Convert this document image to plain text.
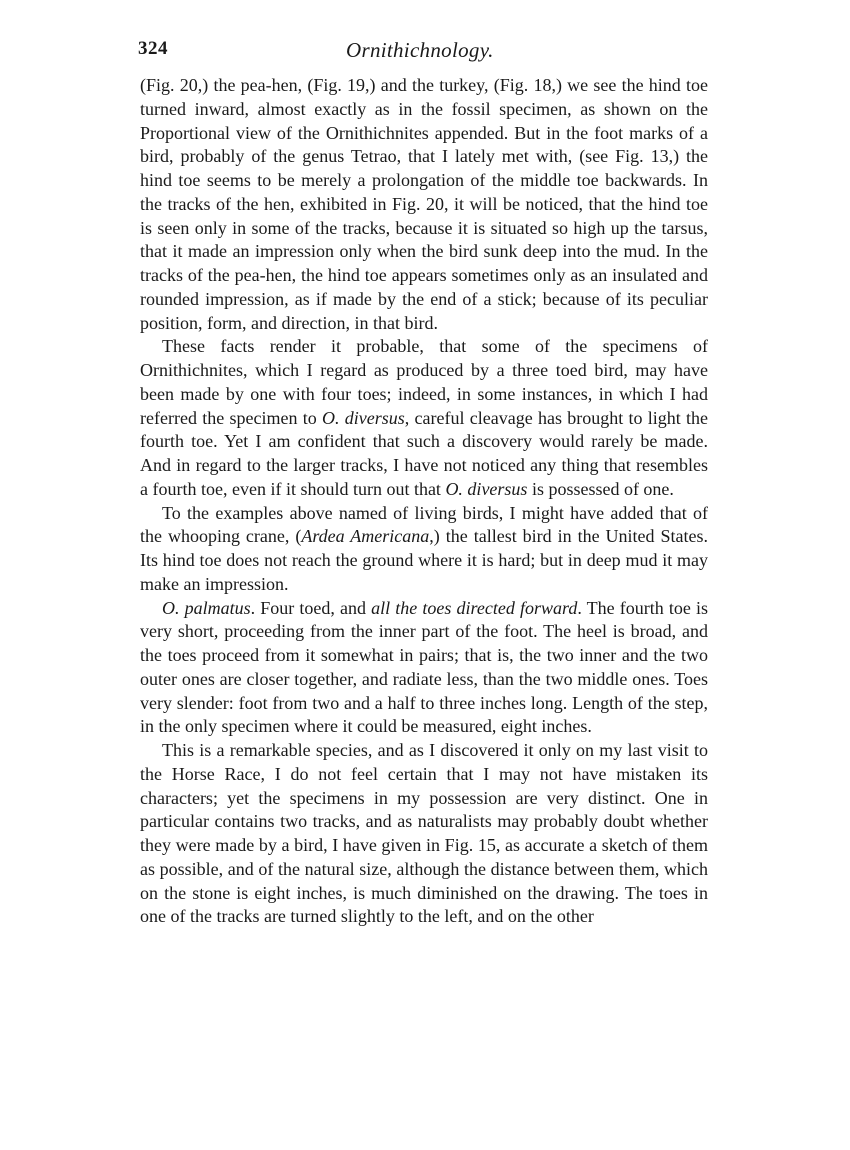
324	Ornithichnology.

(Fig. 20,) the pea-hen, (Fig. 19,) and the turkey, (Fig. 18,) we see the hind toe turned inward, almost exactly as in the fossil specimen, as shown on the Proportional view of the Ornithichnites appended. But in the foot marks of a bird, probably of the genus Tetrao, that I lately met with, (see Fig. 13,) the hind toe seems to be merely a prolongation of the middle toe backwards. In the tracks of the hen, exhibited in Fig. 20, it will be noticed, that the hind toe is seen only in some of the tracks, because it is situated so high up the tarsus, that it made an impression only when the bird sunk deep into the mud. In the tracks of the pea-hen, the hind toe appears sometimes only as an insulated and rounded impression, as if made by the end of a stick; because of its peculiar position, form, and direction, in that bird.

These facts render it probable, that some of the specimens of Ornithichnites, which I regard as produced by a three toed bird, may have been made by one with four toes; indeed, in some instances, in which I had referred the specimen to O. diversus, careful cleavage has brought to light the fourth toe. Yet I am confident that such a discovery would rarely be made. And in regard to the larger tracks, I have not noticed any thing that resembles a fourth toe, even if it should turn out that O. diversus is possessed of one.

To the examples above named of living birds, I might have added that of the whooping crane, (Ardea Americana,) the tallest bird in the United States. Its hind toe does not reach the ground where it is hard; but in deep mud it may make an impression.

O. palmatus. Four toed, and all the toes directed forward. The fourth toe is very short, proceeding from the inner part of the foot. The heel is broad, and the toes proceed from it somewhat in pairs; that is, the two inner and the two outer ones are closer together, and radiate less, than the two middle ones. Toes very slender: foot from two and a half to three inches long. Length of the step, in the only specimen where it could be measured, eight inches.

This is a remarkable species, and as I discovered it only on my last visit to the Horse Race, I do not feel certain that I may not have mistaken its characters; yet the specimens in my possession are very distinct. One in particular contains two tracks, and as naturalists may probably doubt whether they were made by a bird, I have given in Fig. 15, as accurate a sketch of them as possible, and of the natural size, although the distance between them, which on the stone is eight inches, is much diminished on the drawing. The toes in one of the tracks are turned slightly to the left, and on the other
